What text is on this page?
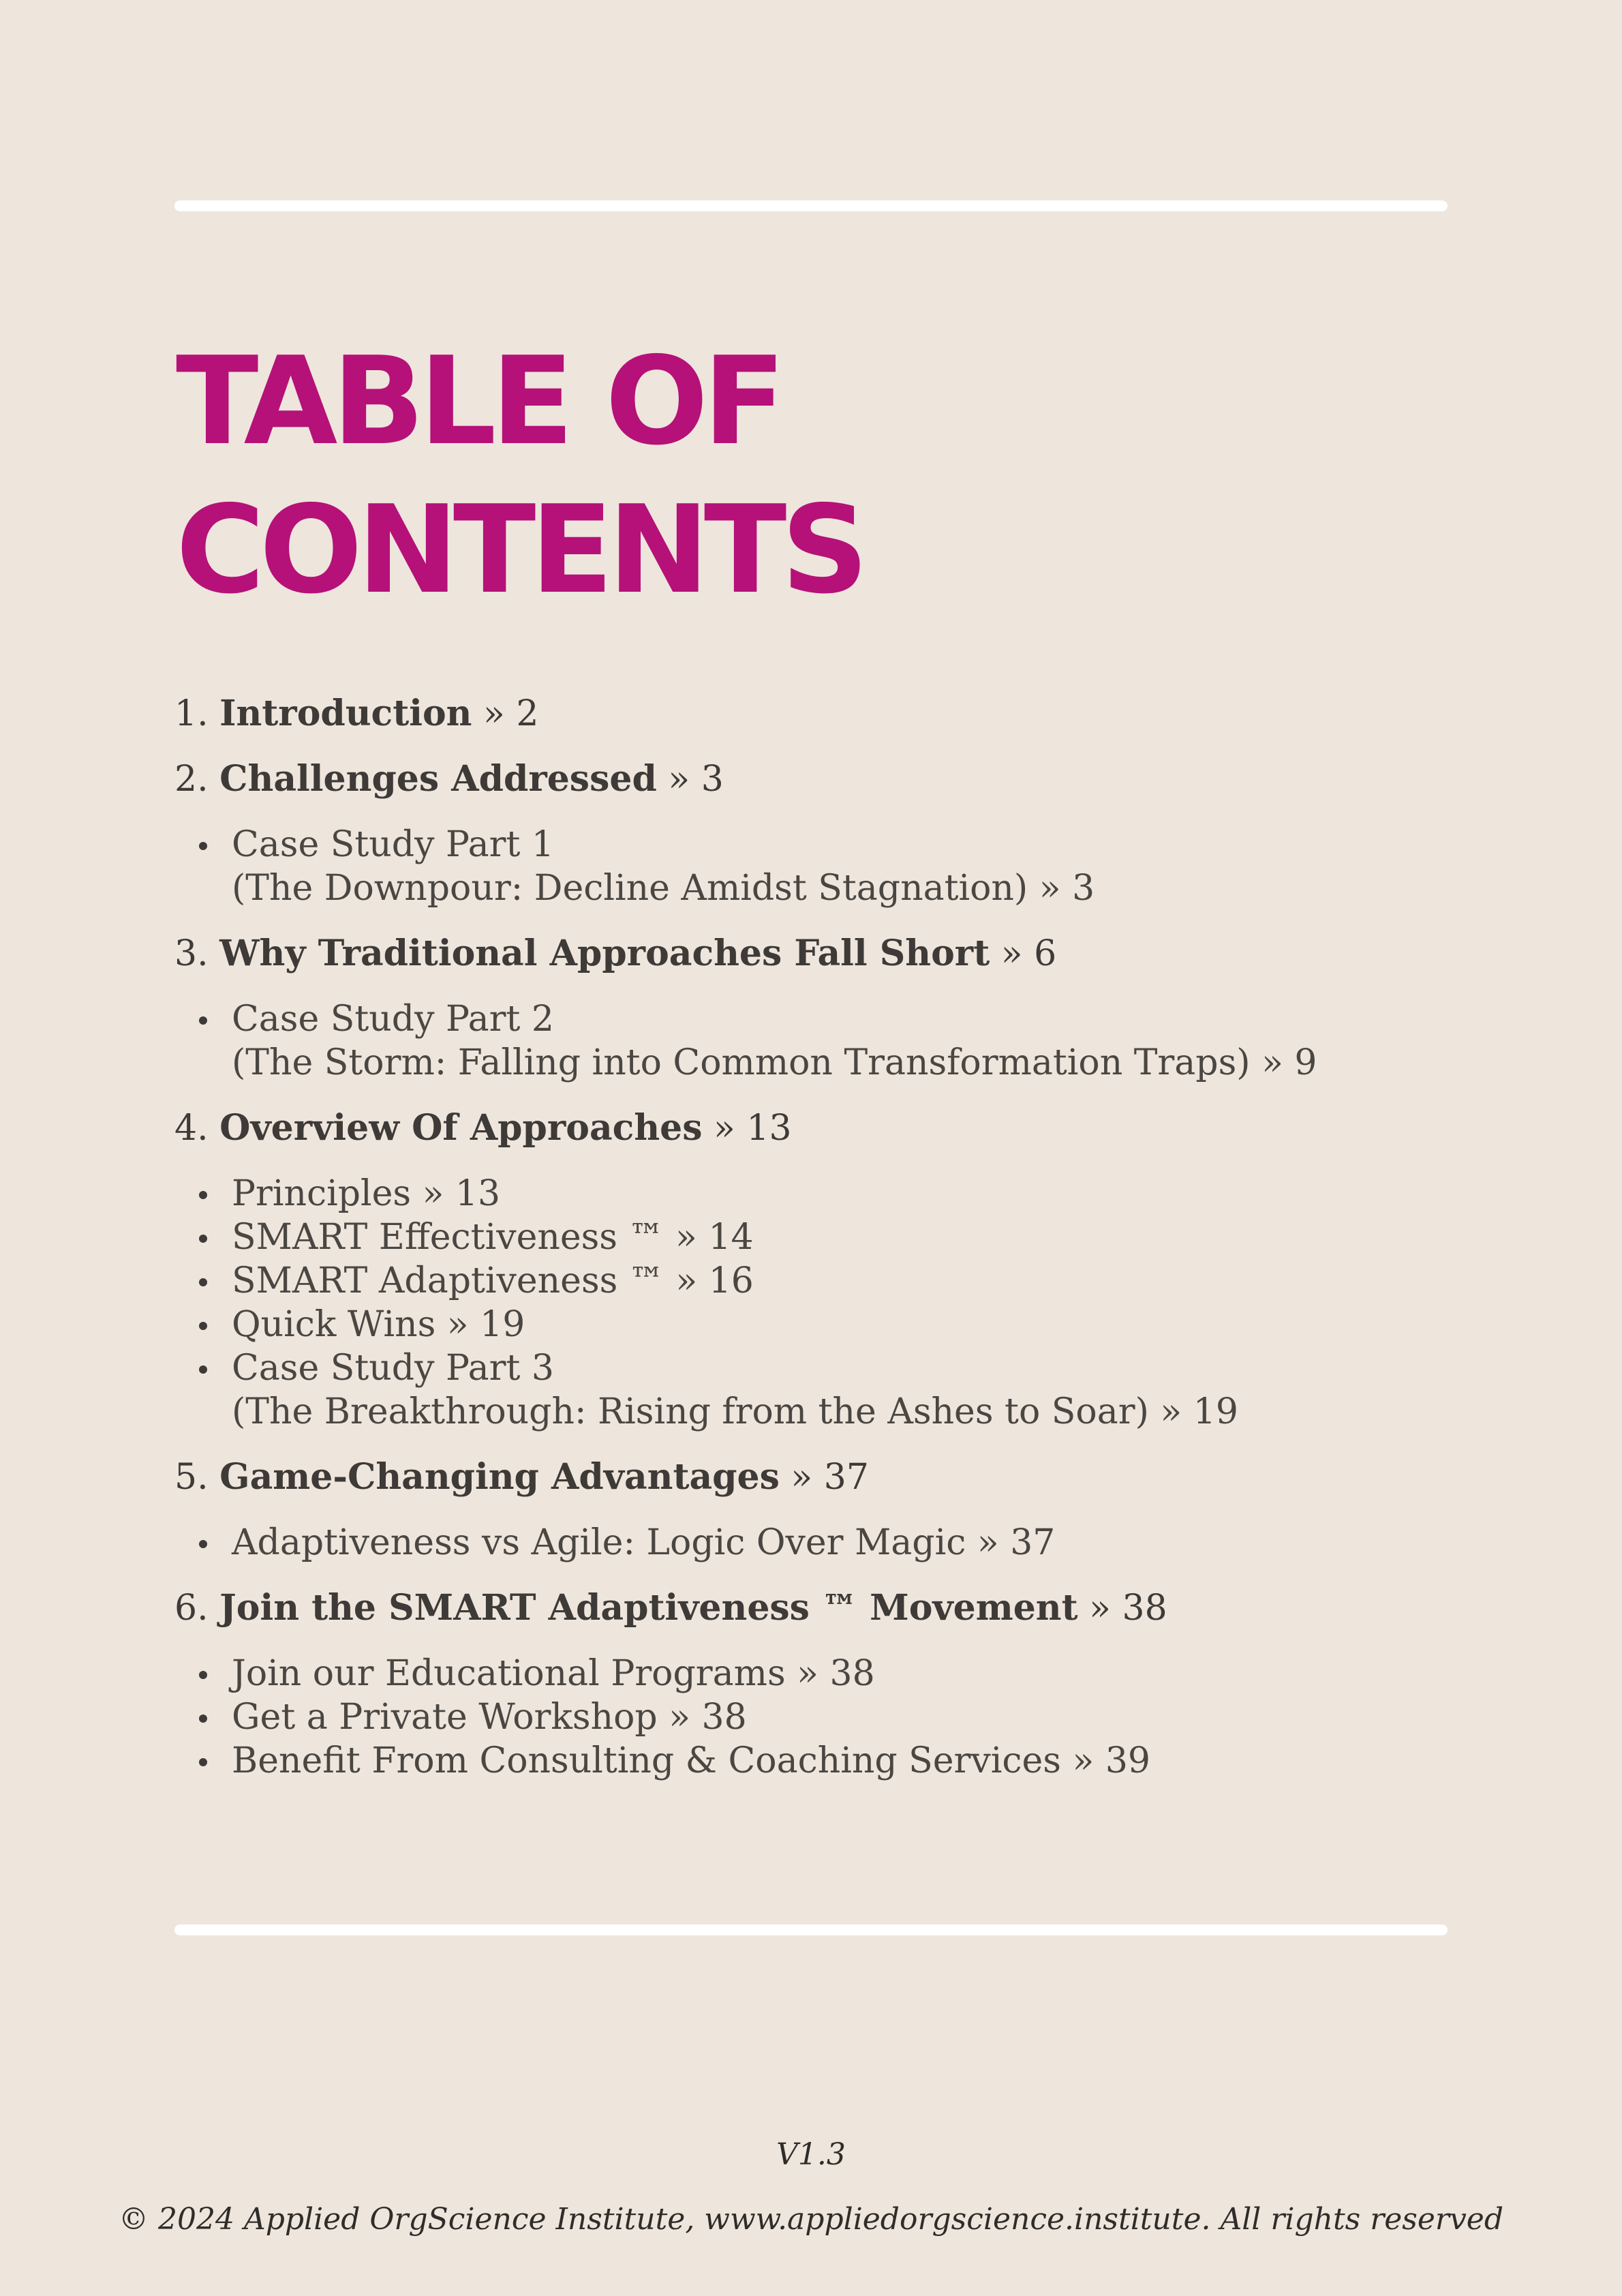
TABLE OF
CONTENTS

1. Introduction » 2

2. Challenges Addressed » 3

Case Study Part 1
(The Downpour: Decline Amidst Stagnation) » 3

3. Why Traditional Approaches Fall Short » 6

Case Study Part 2
(The Storm: Falling into Common Transformation Traps) » 9

4. Overview Of Approaches » 13

Principles » 13
SMART Effectiveness ™ » 14
SMART Adaptiveness ™ » 16
Quick Wins » 19
Case Study Part 3
(The Breakthrough: Rising from the Ashes to Soar) » 19

5. Game-Changing Advantages » 37

Adaptiveness vs Agile: Logic Over Magic » 37

6. Join the SMART Adaptiveness ™ Movement » 38

Join our Educational Programs » 38
Get a Private Workshop » 38
Benefit From Consulting & Coaching Services » 39
V1.3
© 2024 Applied OrgScience Institute, www.appliedorgscience.institute. All rights reserved
